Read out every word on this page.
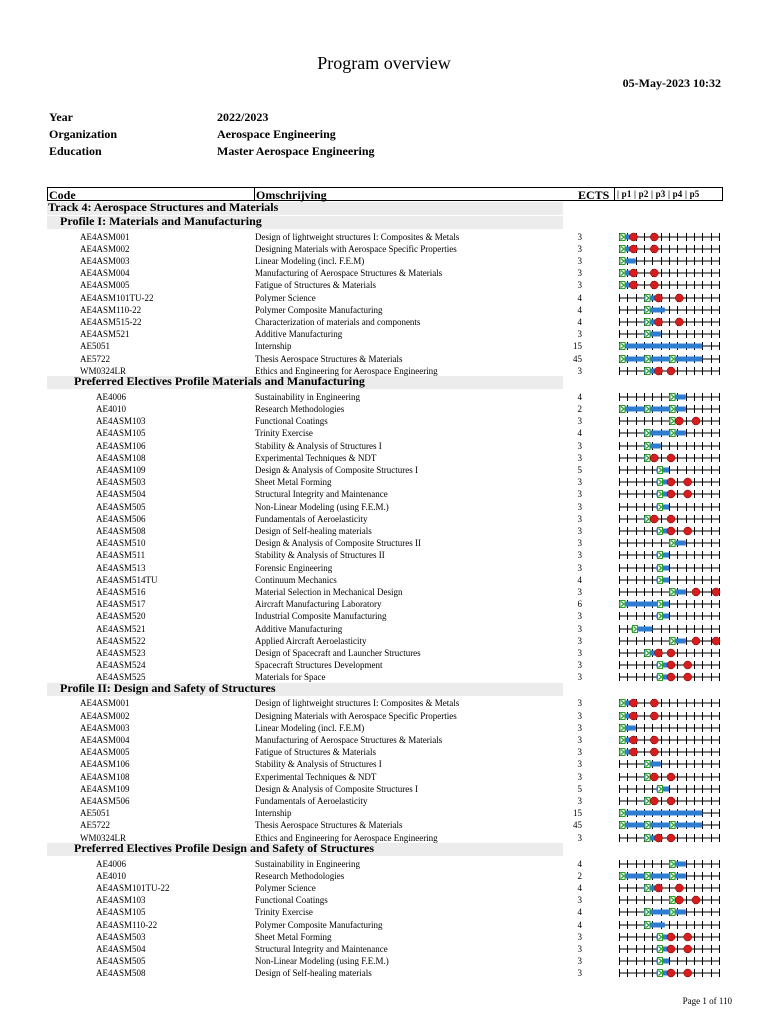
Program overview
05-May-2023 10:32
Year	2022/2023
Organization	Aerospace Engineering
Education	Master Aerospace Engineering
Code	Omschrijving	ECTS | p1 | p2 | p3 | p4 | p5
Track 4: Aerospace Structures and Materials
Profile I: Materials and Manufacturing
AE4ASM001	Design of lightweight structures I: Composites & Metals	3
AE4ASM002	Designing Materials with Aerospace Specific Properties	3
AE4ASM003	Linear Modeling (incl. F.E.M)	3
AE4ASM004	Manufacturing of Aerospace Structures & Materials	3
AE4ASM005	Fatigue of Structures & Materials	3
AE4ASM101TU-22	Polymer Science	4
AE4ASM110-22	Polymer Composite Manufacturing	4
AE4ASM515-22	Characterization of materials and components	4
AE4ASM521	Additive Manufacturing	3
AE5051	Internship	15
AE5722	Thesis Aerospace Structures & Materials	45
WM0324LR	Ethics and Engineering for Aerospace Engineering	3
Preferred Electives Profile Materials and Manufacturing
AE4006	Sustainability in Engineering	4
AE4010	Research Methodologies	2
AE4ASM103	Functional Coatings	3
AE4ASM105	Trinity Exercise	4
AE4ASM106	Stability & Analysis of Structures I	3
AE4ASM108	Experimental Techniques & NDT	3
AE4ASM109	Design & Analysis of Composite Structures I	5
AE4ASM503	Sheet Metal Forming	3
AE4ASM504	Structural Integrity and Maintenance	3
AE4ASM505	Non-Linear Modeling (using F.E.M.)	3
AE4ASM506	Fundamentals of Aeroelasticity	3
AE4ASM508	Design of Self-healing materials	3
AE4ASM510	Design & Analysis of Composite Structures II	3
AE4ASM511	Stability & Analysis of Structures II	3
AE4ASM513	Forensic Engineering	3
AE4ASM514TU	Continuum Mechanics	4
AE4ASM516	Material Selection in Mechanical Design	3
AE4ASM517	Aircraft Manufacturing Laboratory	6
AE4ASM520	Industrial Composite Manufacturing	3
AE4ASM521	Additive Manufacturing	3
AE4ASM522	Applied Aircraft Aeroelasticity	3
AE4ASM523	Design of Spacecraft and Launcher Structures	3
AE4ASM524	Spacecraft Structures Development	3
AE4ASM525	Materials for Space	3
Profile II: Design and Safety of Structures
AE4ASM001	Design of lightweight structures I: Composites & Metals	3
AE4ASM002	Designing Materials with Aerospace Specific Properties	3
AE4ASM003	Linear Modeling (incl. F.E.M)	3
AE4ASM004	Manufacturing of Aerospace Structures & Materials	3
AE4ASM005	Fatigue of Structures & Materials	3
AE4ASM106	Stability & Analysis of Structures I	3
AE4ASM108	Experimental Techniques & NDT	3
AE4ASM109	Design & Analysis of Composite Structures I	5
AE4ASM506	Fundamentals of Aeroelasticity	3
AE5051	Internship	15
AE5722	Thesis Aerospace Structures & Materials	45
WM0324LR	Ethics and Engineering for Aerospace Engineering	3
Preferred Electives Profile Design and Safety of Structures
AE4006	Sustainability in Engineering	4
AE4010	Research Methodologies	2
AE4ASM101TU-22	Polymer Science	4
AE4ASM103	Functional Coatings	3
AE4ASM105	Trinity Exercise	4
AE4ASM110-22	Polymer Composite Manufacturing	4
AE4ASM503	Sheet Metal Forming	3
AE4ASM504	Structural Integrity and Maintenance	3
AE4ASM505	Non-Linear Modeling (using F.E.M.)	3
AE4ASM508	Design of Self-healing materials	3
Page 1 of 110
